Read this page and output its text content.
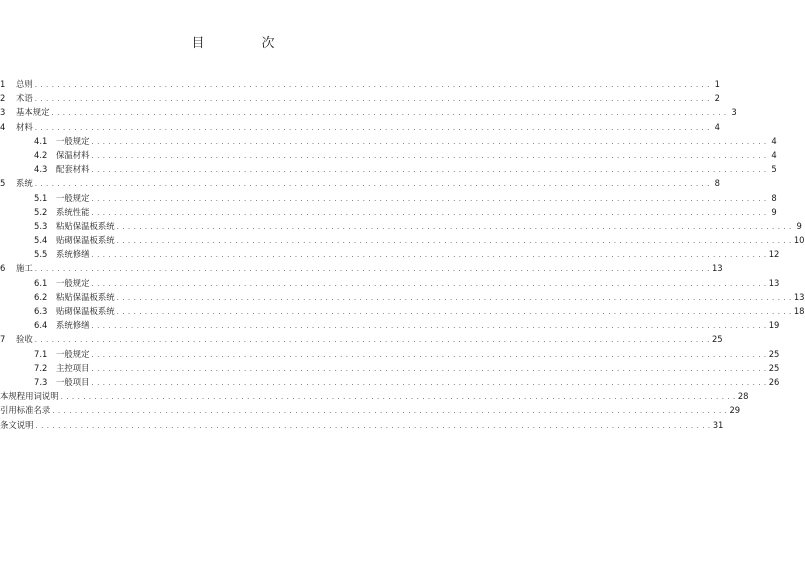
目　次
1	总则 . . . . . . . . . . . . . . . . . . . . . . . . . . . . . . . . . . . . . . . . . . . . . . . . . . . . . . . . . . . . . . . . . . . . . . . . . . . . . . . . . . . . . . . . . . . . . . . . . . . . . . . . . . . . . . . . . . . . . . . . 1
2	术语 . . . . . . . . . . . . . . . . . . . . . . . . . . . . . . . . . . . . . . . . . . . . . . . . . . . . . . . . . . . . . . . . . . . . . . . . . . . . . . . . . . . . . . . . . . . . . . . . . . . . . . . . . . . . . . . . . . . . . . . . 2
3	基本规定 . . . . . . . . . . . . . . . . . . . . . . . . . . . . . . . . . . . . . . . . . . . . . . . . . . . . . . . . . . . . . . . . . . . . . . . . . . . . . . . . . . . . . . . . . . . . . . . . . . . . . . . . . . . . . . . . . . . . . . . . 3
4	材料 . . . . . . . . . . . . . . . . . . . . . . . . . . . . . . . . . . . . . . . . . . . . . . . . . . . . . . . . . . . . . . . . . . . . . . . . . . . . . . . . . . . . . . . . . . . . . . . . . . . . . . . . . . . . . . . . . . . . . . . . 4
4.1	一般规定 . . . . . . . . . . . . . . . . . . . . . . . . . . . . . . . . . . . . . . . . . . . . . . . . . . . . . . . . . . . . . . . . . . . . . . . . . . . . . . . . . . . . . . . . . . . . . . . . . . . . . . . . . . . . . . . . . . . . . . . . 4
4.2	保温材料 . . . . . . . . . . . . . . . . . . . . . . . . . . . . . . . . . . . . . . . . . . . . . . . . . . . . . . . . . . . . . . . . . . . . . . . . . . . . . . . . . . . . . . . . . . . . . . . . . . . . . . . . . . . . . . . . . . . . . . . . 4
4.3	配套材料 . . . . . . . . . . . . . . . . . . . . . . . . . . . . . . . . . . . . . . . . . . . . . . . . . . . . . . . . . . . . . . . . . . . . . . . . . . . . . . . . . . . . . . . . . . . . . . . . . . . . . . . . . . . . . . . . . . . . . . . . 5
5	系统 . . . . . . . . . . . . . . . . . . . . . . . . . . . . . . . . . . . . . . . . . . . . . . . . . . . . . . . . . . . . . . . . . . . . . . . . . . . . . . . . . . . . . . . . . . . . . . . . . . . . . . . . . . . . . . . . . . . . . . . . 8
5.1	一般规定 . . . . . . . . . . . . . . . . . . . . . . . . . . . . . . . . . . . . . . . . . . . . . . . . . . . . . . . . . . . . . . . . . . . . . . . . . . . . . . . . . . . . . . . . . . . . . . . . . . . . . . . . . . . . . . . . . . . . . . . . 8
5.2	系统性能 . . . . . . . . . . . . . . . . . . . . . . . . . . . . . . . . . . . . . . . . . . . . . . . . . . . . . . . . . . . . . . . . . . . . . . . . . . . . . . . . . . . . . . . . . . . . . . . . . . . . . . . . . . . . . . . . . . . . . . . . 9
5.3	粘贴保温板系统 . . . . . . . . . . . . . . . . . . . . . . . . . . . . . . . . . . . . . . . . . . . . . . . . . . . . . . . . . . . . . . . . . . . . . . . . . . . . . . . . . . . . . . . . . . . . . . . . . . . . . . . . . . . . . . . . . . . . . . . . 9
5.4	贴砌保温板系统 . . . . . . . . . . . . . . . . . . . . . . . . . . . . . . . . . . . . . . . . . . . . . . . . . . . . . . . . . . . . . . . . . . . . . . . . . . . . . . . . . . . . . . . . . . . . . . . . . . . . . . . . . . . . . . . . . . . . . . . . 10
5.5	系统修缮 . . . . . . . . . . . . . . . . . . . . . . . . . . . . . . . . . . . . . . . . . . . . . . . . . . . . . . . . . . . . . . . . . . . . . . . . . . . . . . . . . . . . . . . . . . . . . . . . . . . . . . . . . . . . . . . . . . . . . . . . 12
6	施工 . . . . . . . . . . . . . . . . . . . . . . . . . . . . . . . . . . . . . . . . . . . . . . . . . . . . . . . . . . . . . . . . . . . . . . . . . . . . . . . . . . . . . . . . . . . . . . . . . . . . . . . . . . . . . . . . . . . . . . . . 13
6.1	一般规定 . . . . . . . . . . . . . . . . . . . . . . . . . . . . . . . . . . . . . . . . . . . . . . . . . . . . . . . . . . . . . . . . . . . . . . . . . . . . . . . . . . . . . . . . . . . . . . . . . . . . . . . . . . . . . . . . . . . . . . . . 13
6.2	粘贴保温板系统 . . . . . . . . . . . . . . . . . . . . . . . . . . . . . . . . . . . . . . . . . . . . . . . . . . . . . . . . . . . . . . . . . . . . . . . . . . . . . . . . . . . . . . . . . . . . . . . . . . . . . . . . . . . . . . . . . . . . . . . . 13
6.3	贴砌保温板系统 . . . . . . . . . . . . . . . . . . . . . . . . . . . . . . . . . . . . . . . . . . . . . . . . . . . . . . . . . . . . . . . . . . . . . . . . . . . . . . . . . . . . . . . . . . . . . . . . . . . . . . . . . . . . . . . . . . . . . . . . 18
6.4	系统修缮 . . . . . . . . . . . . . . . . . . . . . . . . . . . . . . . . . . . . . . . . . . . . . . . . . . . . . . . . . . . . . . . . . . . . . . . . . . . . . . . . . . . . . . . . . . . . . . . . . . . . . . . . . . . . . . . . . . . . . . . . 19
7	验收 . . . . . . . . . . . . . . . . . . . . . . . . . . . . . . . . . . . . . . . . . . . . . . . . . . . . . . . . . . . . . . . . . . . . . . . . . . . . . . . . . . . . . . . . . . . . . . . . . . . . . . . . . . . . . . . . . . . . . . . . 25
7.1	一般规定 . . . . . . . . . . . . . . . . . . . . . . . . . . . . . . . . . . . . . . . . . . . . . . . . . . . . . . . . . . . . . . . . . . . . . . . . . . . . . . . . . . . . . . . . . . . . . . . . . . . . . . . . . . . . . . . . . . . . . . . . 25
7.2	主控项目 . . . . . . . . . . . . . . . . . . . . . . . . . . . . . . . . . . . . . . . . . . . . . . . . . . . . . . . . . . . . . . . . . . . . . . . . . . . . . . . . . . . . . . . . . . . . . . . . . . . . . . . . . . . . . . . . . . . . . . . . 25
7.3	一般项目 . . . . . . . . . . . . . . . . . . . . . . . . . . . . . . . . . . . . . . . . . . . . . . . . . . . . . . . . . . . . . . . . . . . . . . . . . . . . . . . . . . . . . . . . . . . . . . . . . . . . . . . . . . . . . . . . . . . . . . . . 26
本规程用词说明 . . . . . . . . . . . . . . . . . . . . . . . . . . . . . . . . . . . . . . . . . . . . . . . . . . . . . . . . . . . . . . . . . . . . . . . . . . . . . . . . . . . . . . . . . . . . . . . . . . . . . . . . . . . . . . . . . . . . . . . . 28
引用标准名录 . . . . . . . . . . . . . . . . . . . . . . . . . . . . . . . . . . . . . . . . . . . . . . . . . . . . . . . . . . . . . . . . . . . . . . . . . . . . . . . . . . . . . . . . . . . . . . . . . . . . . . . . . . . . . . . . . . . . . . . . 29
条文说明 . . . . . . . . . . . . . . . . . . . . . . . . . . . . . . . . . . . . . . . . . . . . . . . . . . . . . . . . . . . . . . . . . . . . . . . . . . . . . . . . . . . . . . . . . . . . . . . . . . . . . . . . . . . . . . . . . . . . . . . . 31
